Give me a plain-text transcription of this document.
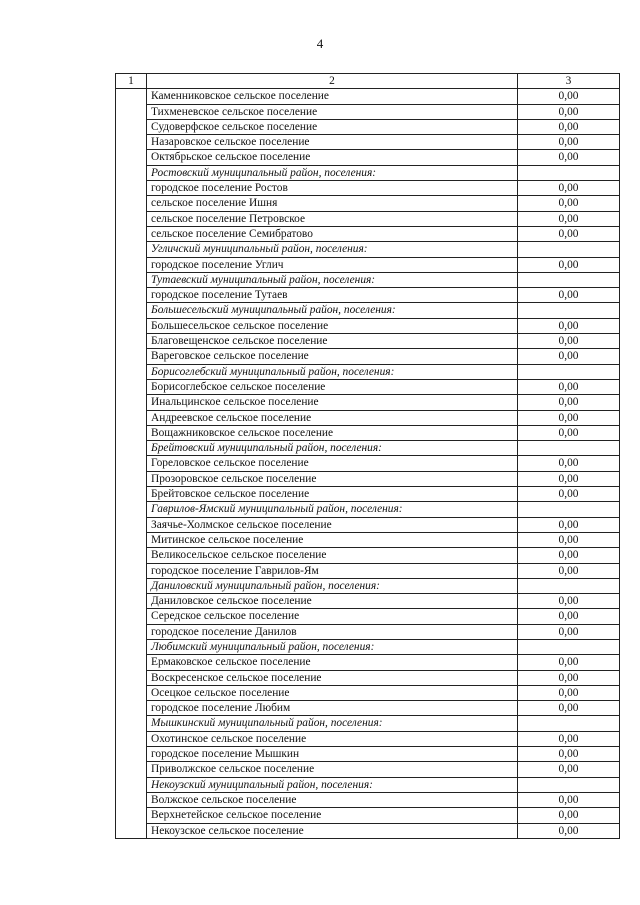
4
1	2	3
	Каменниковское сельское поселение	0,00
	Тихменевское сельское поселение	0,00
	Судоверфское сельское поселение	0,00
	Назаровское сельское поселение	0,00
	Октябрьское сельское поселение	0,00
	Ростовский муниципальный район, поселения:	
	городское поселение Ростов	0,00
	сельское поселение Ишня	0,00
	сельское поселение Петровское	0,00
	сельское поселение Семибратово	0,00
	Угличский муниципальный район, поселения:	
	городское поселение Углич	0,00
	Тутаевский муниципальный район, поселения:	
	городское поселение Тутаев	0,00
	Большесельский муниципальный район, поселения:	
	Большесельское сельское поселение	0,00
	Благовещенское сельское поселение	0,00
	Вареговское сельское поселение	0,00
	Борисоглебский муниципальный район, поселения:	
	Борисоглебское сельское поселение	0,00
	Инальцинское сельское поселение	0,00
	Андреевское сельское поселение	0,00
	Вощажниковское сельское поселение	0,00
	Брейтовский муниципальный район, поселения:	
	Гореловское сельское поселение	0,00
	Прозоровское сельское поселение	0,00
	Брейтовское сельское поселение	0,00
	Гаврилов-Ямский муниципальный район, поселения:	
	Заячье-Холмское сельское поселение	0,00
	Митинское сельское поселение	0,00
	Великосельское сельское поселение	0,00
	городское поселение Гаврилов-Ям	0,00
	Даниловский муниципальный район, поселения:	
	Даниловское сельское поселение	0,00
	Середское сельское поселение	0,00
	городское поселение Данилов	0,00
	Любимский муниципальный район, поселения:	
	Ермаковское сельское поселение	0,00
	Воскресенское сельское поселение	0,00
	Осецкое сельское поселение	0,00
	городское поселение Любим	0,00
	Мышкинский муниципальный район, поселения:	
	Охотинское сельское поселение	0,00
	городское поселение Мышкин	0,00
	Приволжское сельское поселение	0,00
	Некоузский муниципальный район, поселения:	
	Волжское сельское поселение	0,00
	Верхнетейское сельское поселение	0,00
	Некоузское сельское поселение	0,00
